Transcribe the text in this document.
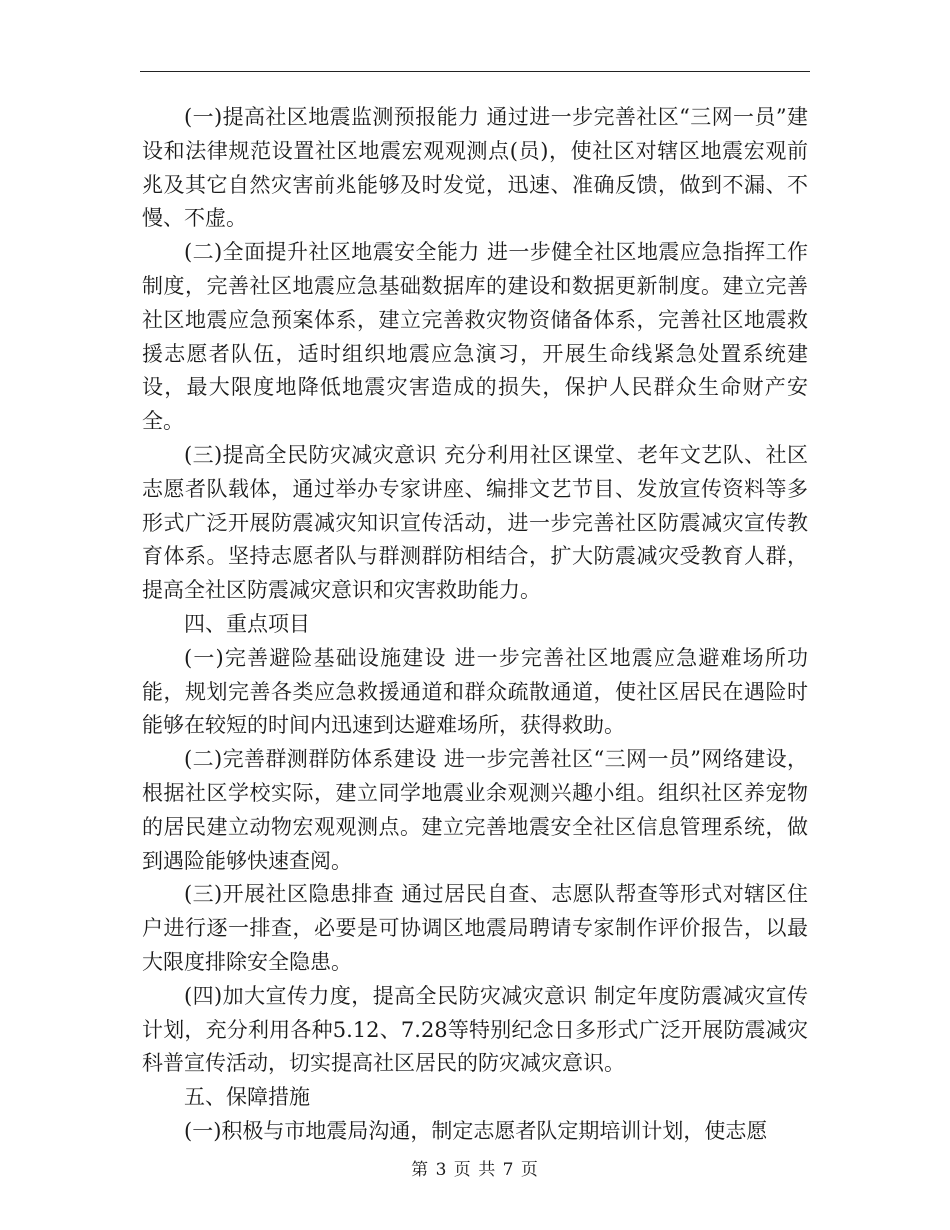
(一)提高社区地震监测预报能力 通过进一步完善社区“三网一员”建设和法律规范设置社区地震宏观观测点(员)，使社区对辖区地震宏观前兆及其它自然灾害前兆能够及时发觉，迅速、准确反馈，做到不漏、不慢、不虚。

(二)全面提升社区地震安全能力 进一步健全社区地震应急指挥工作制度，完善社区地震应急基础数据库的建设和数据更新制度。建立完善社区地震应急预案体系，建立完善救灾物资储备体系，完善社区地震救援志愿者队伍，适时组织地震应急演习，开展生命线紧急处置系统建设，最大限度地降低地震灾害造成的损失，保护人民群众生命财产安全。

(三)提高全民防灾减灾意识 充分利用社区课堂、老年文艺队、社区志愿者队载体，通过举办专家讲座、编排文艺节目、发放宣传资料等多形式广泛开展防震减灾知识宣传活动，进一步完善社区防震减灾宣传教育体系。坚持志愿者队与群测群防相结合，扩大防震减灾受教育人群，提高全社区防震减灾意识和灾害救助能力。

四、重点项目

(一)完善避险基础设施建设 进一步完善社区地震应急避难场所功能，规划完善各类应急救援通道和群众疏散通道，使社区居民在遇险时能够在较短的时间内迅速到达避难场所，获得救助。

(二)完善群测群防体系建设 进一步完善社区“三网一员”网络建设，根据社区学校实际，建立同学地震业余观测兴趣小组。组织社区养宠物的居民建立动物宏观观测点。建立完善地震安全社区信息管理系统，做到遇险能够快速查阅。

(三)开展社区隐患排查 通过居民自查、志愿队帮查等形式对辖区住户进行逐一排查，必要是可协调区地震局聘请专家制作评价报告，以最大限度排除安全隐患。

(四)加大宣传力度，提高全民防灾减灾意识 制定年度防震减灾宣传计划，充分利用各种5.12、7.28等特别纪念日多形式广泛开展防震减灾科普宣传活动，切实提高社区居民的防灾减灾意识。

五、保障措施

(一)积极与市地震局沟通，制定志愿者队定期培训计划，使志愿

第 3 页 共 7 页
